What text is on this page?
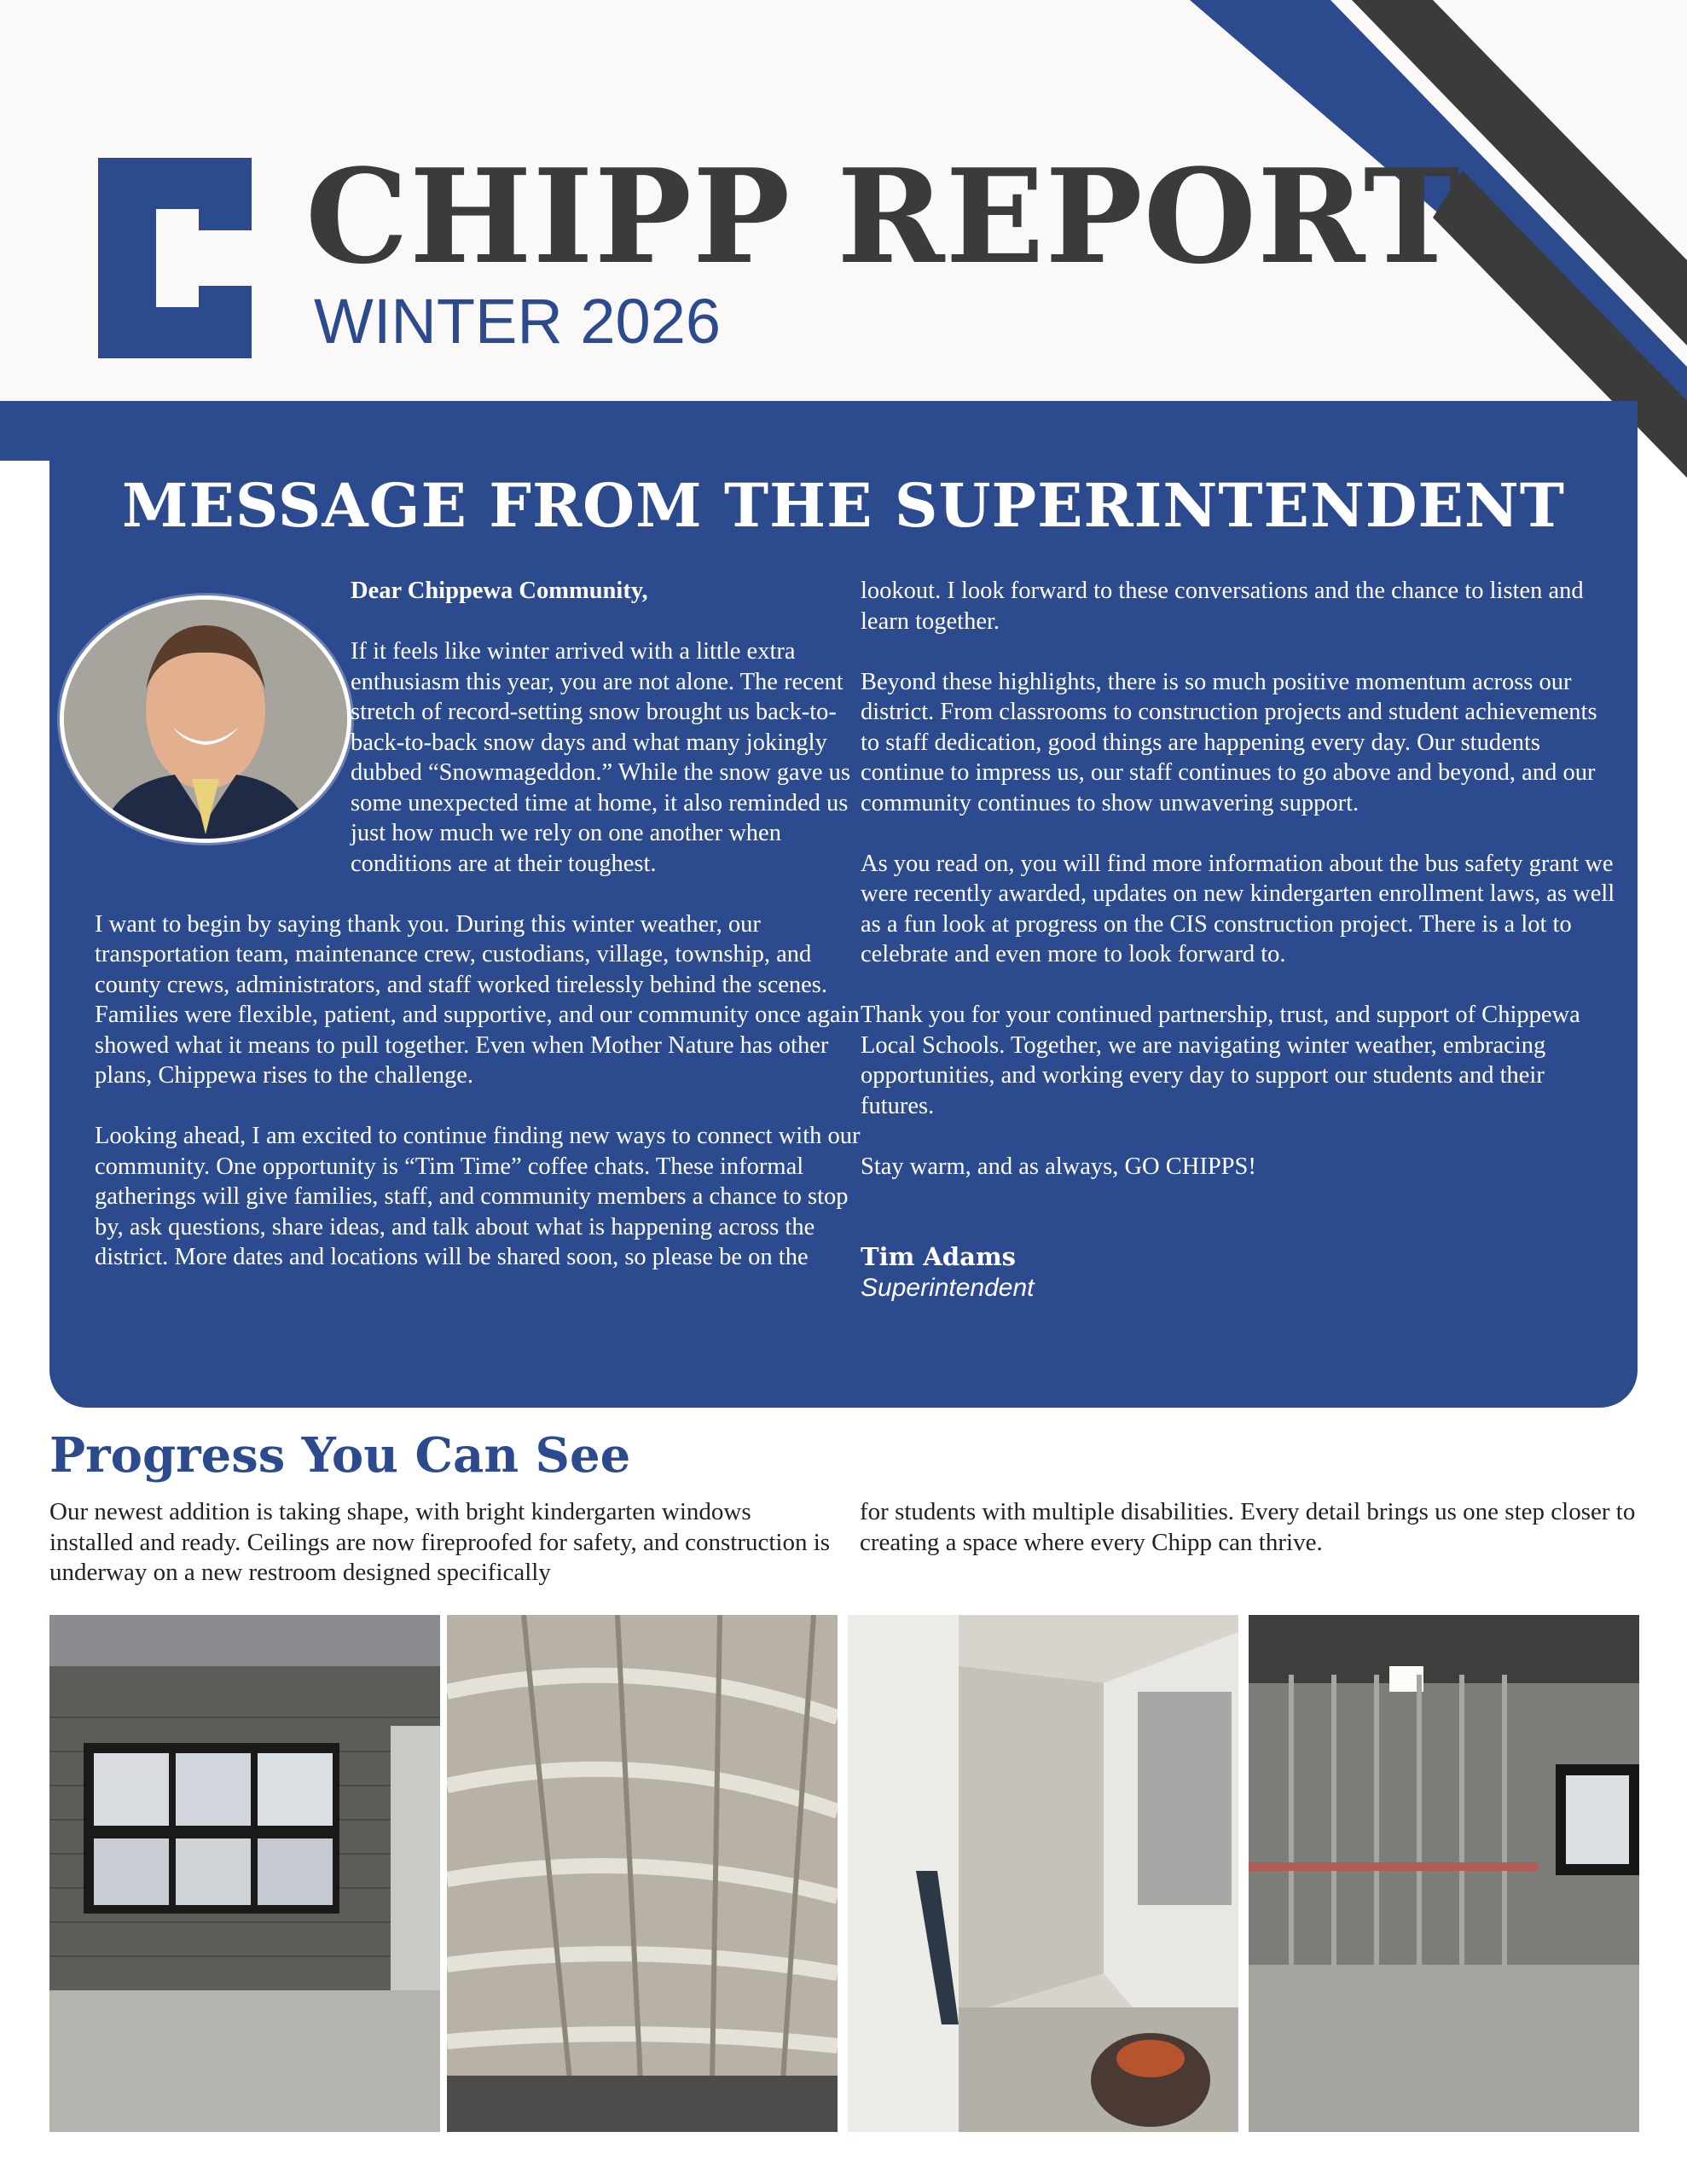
CHIPP REPORT
WINTER 2026
MESSAGE FROM THE SUPERINTENDENT

Dear Chippewa Community,

If it feels like winter arrived with a little extra enthusiasm this year, you are not alone. The recent stretch of record-setting snow brought us back-to-back-to-back snow days and what many jokingly dubbed “Snowmageddon.” While the snow gave us some unexpected time at home, it also reminded us just how much we rely on one another when conditions are at their toughest.

I want to begin by saying thank you. During this winter weather, our transportation team, maintenance crew, custodians, village, township, and county crews, administrators, and staff worked tirelessly behind the scenes. Families were flexible, patient, and supportive, and our community once again showed what it means to pull together. Even when Mother Nature has other plans, Chippewa rises to the challenge.

Looking ahead, I am excited to continue finding new ways to connect with our community. One opportunity is “Tim Time” coffee chats. These informal gatherings will give families, staff, and community members a chance to stop by, ask questions, share ideas, and talk about what is happening across the district. More dates and locations will be shared soon, so please be on the

lookout. I look forward to these conversations and the chance to listen and learn together.

Beyond these highlights, there is so much positive momentum across our district. From classrooms to construction projects and student achievements to staff dedication, good things are happening every day. Our students continue to impress us, our staff continues to go above and beyond, and our community continues to show unwavering support.

As you read on, you will find more information about the bus safety grant we were recently awarded, updates on new kindergarten enrollment laws, as well as a fun look at progress on the CIS construction project. There is a lot to celebrate and even more to look forward to.

Thank you for your continued partnership, trust, and support of Chippewa Local Schools. Together, we are navigating winter weather, embracing opportunities, and working every day to support our students and their futures.

Stay warm, and as always, GO CHIPPS!

Tim Adams
Superintendent
Progress You Can See

Our newest addition is taking shape, with bright kindergarten windows installed and ready. Ceilings are now fireproofed for safety, and construction is underway on a new restroom designed specifically

for students with multiple disabilities. Every detail brings us one step closer to creating a space where every Chipp can thrive.
